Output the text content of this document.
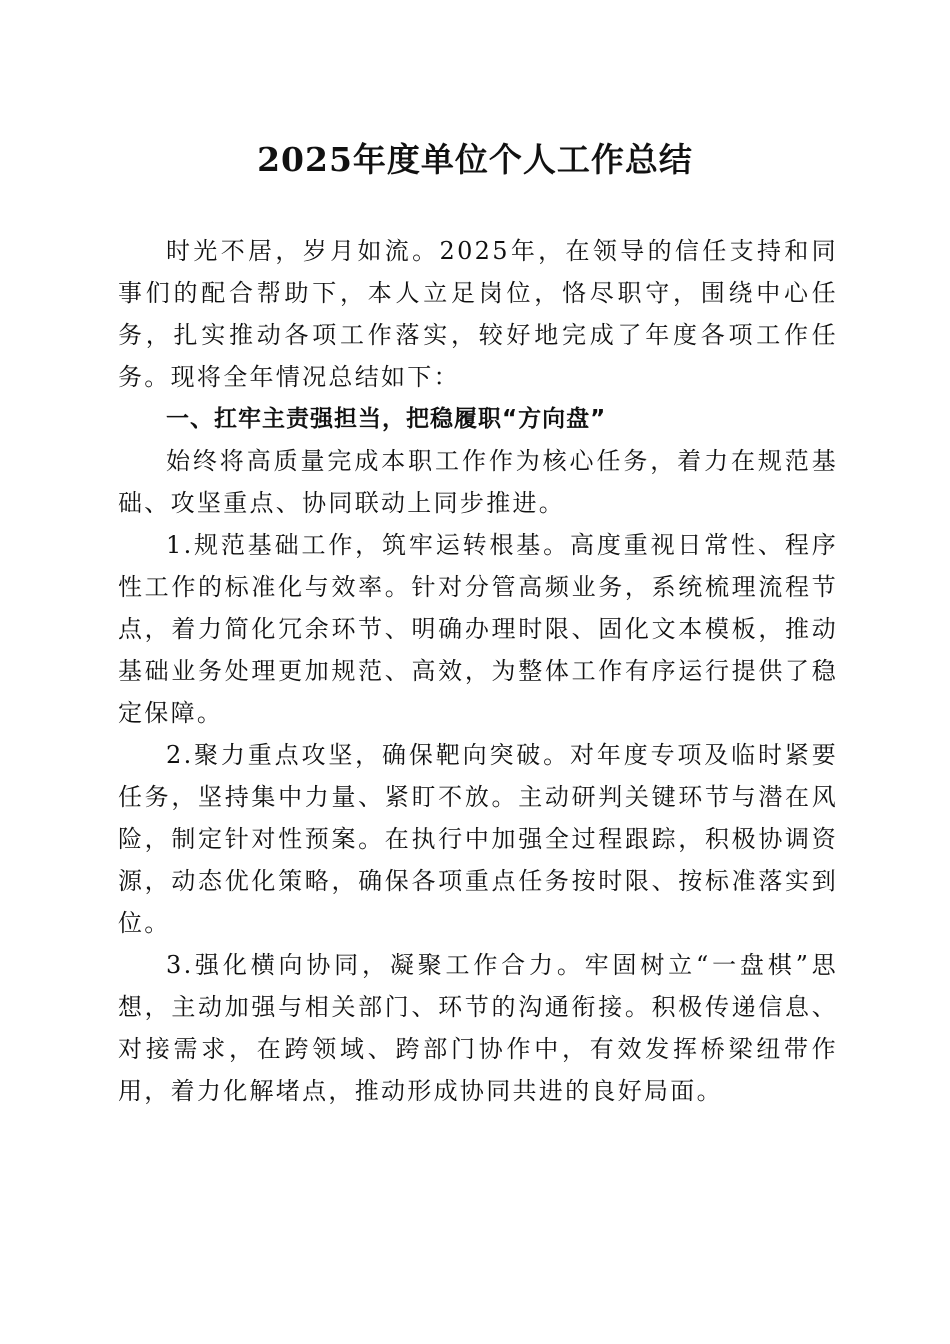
2025年度单位个人工作总结

时光不居，岁月如流。2025年，在领导的信任支持和同事们的配合帮助下，本人立足岗位，恪尽职守，围绕中心任务，扎实推动各项工作落实，较好地完成了年度各项工作任务。现将全年情况总结如下：

一、扛牢主责强担当，把稳履职“方向盘”

始终将高质量完成本职工作作为核心任务，着力在规范基础、攻坚重点、协同联动上同步推进。

1.规范基础工作，筑牢运转根基。高度重视日常性、程序性工作的标准化与效率。针对分管高频业务，系统梳理流程节点，着力简化冗余环节、明确办理时限、固化文本模板，推动基础业务处理更加规范、高效，为整体工作有序运行提供了稳定保障。

2.聚力重点攻坚，确保靶向突破。对年度专项及临时紧要任务，坚持集中力量、紧盯不放。主动研判关键环节与潜在风险，制定针对性预案。在执行中加强全过程跟踪，积极协调资源，动态优化策略，确保各项重点任务按时限、按标准落实到位。

3.强化横向协同，凝聚工作合力。牢固树立“一盘棋”思想，主动加强与相关部门、环节的沟通衔接。积极传递信息、对接需求，在跨领域、跨部门协作中，有效发挥桥梁纽带作用，着力化解堵点，推动形成协同共进的良好局面。
